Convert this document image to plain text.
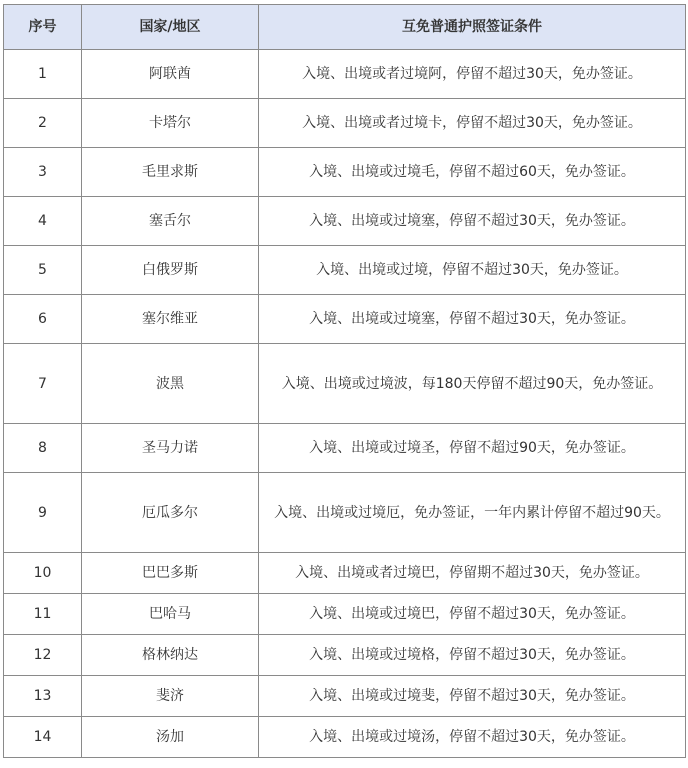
序号	国家/地区	互免普通护照签证条件
1	阿联酋	入境、出境或者过境阿，停留不超过30天，免办签证。
2	卡塔尔	入境、出境或者过境卡，停留不超过30天，免办签证。
3	毛里求斯	入境、出境或过境毛，停留不超过60天，免办签证。
4	塞舌尔	入境、出境或过境塞，停留不超过30天，免办签证。
5	白俄罗斯	入境、出境或过境，停留不超过30天，免办签证。
6	塞尔维亚	入境、出境或过境塞，停留不超过30天，免办签证。
7	波黑	入境、出境或过境波，每180天停留不超过90天，免办签证。
8	圣马力诺	入境、出境或过境圣，停留不超过90天，免办签证。
9	厄瓜多尔	入境、出境或过境厄，免办签证，一年内累计停留不超过90天。
10	巴巴多斯	入境、出境或者过境巴，停留期不超过30天，免办签证。
11	巴哈马	入境、出境或过境巴，停留不超过30天，免办签证。
12	格林纳达	入境、出境或过境格，停留不超过30天，免办签证。
13	斐济	入境、出境或过境斐，停留不超过30天，免办签证。
14	汤加	入境、出境或过境汤，停留不超过30天，免办签证。
